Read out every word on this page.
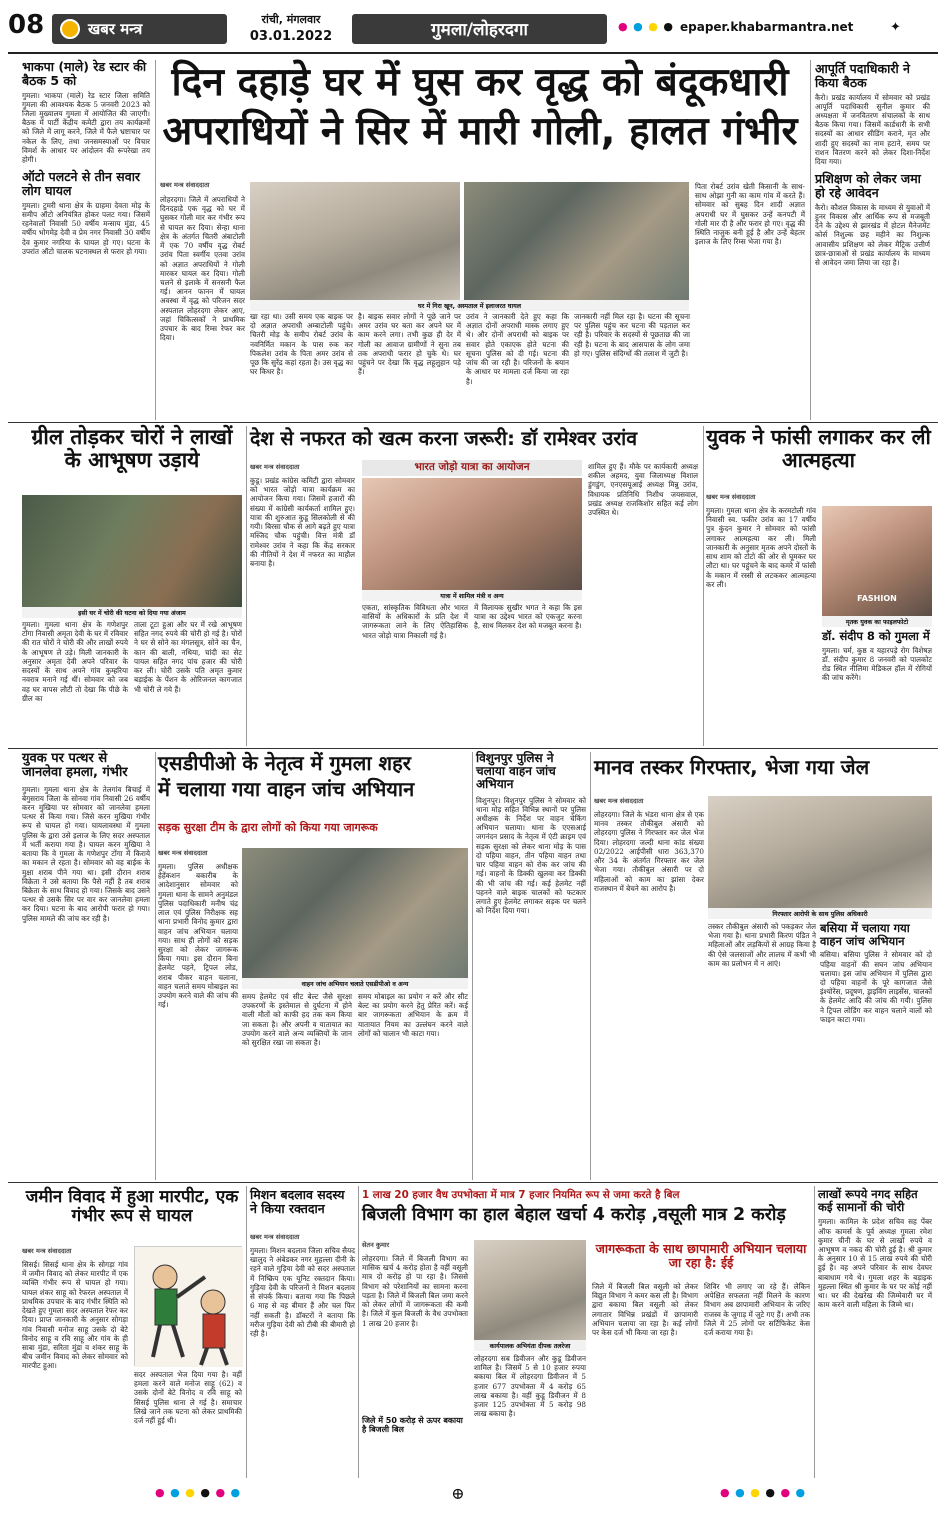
08	खबर मन्त्र
रांची, मंगलवार
03.01.2022	गुमला/लोहरदगा	● ● ● ● epaper.khabarmantra.net	✦
भाकपा (माले) रेड स्टार की बैठक 5 को
गुमला। भाकपा (माले) रेड स्टार जिला समिति गुमला की आवश्यक बैठक 5 जनवरी 2023 को जिला मुख्यालय गुमला में आयोजित की जाएगी। बैठक में पार्टी केंद्रीय कमेटी द्वारा तय कार्यक्रमों को जिले में लागू करने, जिले में फैले भ्रष्टाचार पर नकेल के लिए, तथा जनसमस्याओं पर विचार विमर्श के आधार पर आंदोलन की रूपरेखा तय होगी।
ऑटो पलटने से तीन सवार लोग घायल
गुमला। टुमरी थाना क्षेत्र के ग्राहमा देवता मोड़ के समीप ऑटो अनियंत्रित होकर पलट गया। जिसमें रहनेवालों निवासी 50 वर्षीय मन्साय मुंडा, 45 वर्षीय भोगमेड़ देवी व प्रेम नगर निवासी 30 वर्षीय देव कुमार नगरिया के घायल हो गए। घटना के उपरांत ऑटो चालक घटनास्थल से फरार हो गया।
दिन दहाड़े घर में घुस कर वृद्ध को बंदूकधारी
अपराधियों ने सिर में मारी गोली, हालत गंभीर
खबर मन्त्र संवाददाता
लोहरदगा। जिले में अपराधियों ने दिनदहाड़े एक वृद्ध को घर में घुसकर गोली मार कर गंभीर रूप से घायल कर दिया। सेन्हा थाना क्षेत्र के अंतर्गत चितरी अंबाटोली में एक 70 वर्षीय वृद्ध रोबर्ट उरांव पिता स्वर्गीय एतवा उरांव को अज्ञात अपराधियों ने गोली मारकर घायल कर दिया। गोली चलने से इलाके में सनसनी फैल गई। आनन फानन में घायल अवस्था में वृद्ध को परिजन सदर अस्पताल लोहरदगा लेकर आए, जहां चिकित्सकों ने प्राथमिक उपचार के बाद रिम्स रेफर कर दिया।
घर में गिरा खून, अस्पताल में इलाजरत घायल
खा रहा था। उसी समय एक बाइक पर दो अज्ञात अपराधी अम्बाटोली पहुंचे। चितरी मोड़ के समीप रोबर्ट उरांव के नवनिर्मित मकान के पास रुक कर पिकलेश उरांव के पिता अमर उरांव से पूछ कि सुरेंद्र कहां रहता है। उस वृद्ध का घर किधर है।
है। बाइक सवार लोगों ने पूछे जाने पर अमर उरांव घर बता कर अपने घर में काम करने लगा। तभी कुछ ही देर में गोली का आवाज ग्रामीणों ने सुना तब तक अपराधी फरार हो चुके थे। घर पहुंचने पर देखा कि वृद्ध लहूलुहान पड़े हैं।
उरांव ने जानकारी देते हुए कहा कि अज्ञात दोनों अपराधी मास्क लगाए हुए थे। और दोनों अपराधी को बाइक पर सवार होते एकाएक होते घटना की सूचना पुलिस को दी गई। घटना की जांच की जा रही है। परिजनों के बयान के आधार पर मामला दर्ज किया जा रहा है।
जानकारी नहीं मिल रहा है। घटना की सूचना पर पुलिस पहुंच कर घटना की पड़ताल कर रही है। परिवार के सदस्यों से पूछताछ की जा रही है। घटना के बाद आसपास के लोग जमा हो गए। पुलिस संदिग्धों की तलाश में जुटी है।
पिता रोबर्ट उरांव खेती किसानी के साथ-साथ ओझा गुनी का काम गांव में करते हैं। सोमवार को सुबह दिन शादी अज्ञात अपराधी घर में घुसकर उन्हें कनपटी में गोली मार दी है और फरार हो गए। वृद्ध की स्थिति नाजुक बनी हुई है और उन्हें बेहतर इलाज के लिए रिम्स भेजा गया है।
आपूर्ति पदाधिकारी ने किया बैठक
कैरो। प्रखंड कार्यालय में सोमवार को प्रखंड आपूर्ति पदाधिकारी सुनील कुमार की अध्यक्षता में जनवितरण संचालकों के साथ बैठक किया गया। जिसमें कार्डधारी के सभी सदस्यों का आधार सीडिंग कराने, मृत और शादी हुए सदस्यों का नाम हटाने, समय पर राशन वितरण करने को लेकर दिशा-निर्देश दिया गया।
प्रशिक्षण को लेकर जमा हो रहे आवेदन
कैरो। कौशल विकास के माध्यम से युवाओं में हुनर विकास और आर्थिक रूप से मजबूती देने के उद्देश्य से झारखंड में होटल मैनेजमेंट कोर्स निशुल्क छह महीने का निशुल्क आवासीय प्रशिक्षण को लेकर मैट्रिक उत्तीर्ण छात्र-छात्राओं से प्रखंड कार्यालय के माध्यम से आवेदन जमा लिया जा रहा है।
ग्रील तोड़कर चोरों ने लाखों के आभूषण उड़ाये
इसी घर में चोरी की घटना को दिया गया अंजाम
गुमला। गुमला थाना क्षेत्र के गणेशपुर टोंगा निवासी अमृता देवी के घर में रविवार की रात चोरों ने चोरी की और लाखों रुपये के आभूषण ले उड़े। मिली जानकारी के अनुसार अमृता देवी अपने परिवार के सदस्यों के साथ अपने गांव कुम्हरिया नवरात्र मनाने गई थीं। सोमवार को जब वह घर वापस लौटी तो देखा कि पीछे के ग्रील का
ताला टूटा हुआ और घर में रखे आभूषण सहित नगद रुपये की चोरी हो गई है। चोरों ने घर से सोने का मंगलसूत्र, सोने का चैन, कान की बाली, नथिया, चांदी का सेट पायल सहित नगद पांच हजार की चोरी कर ली। चोरी उसके पति अमृत कुमार बड़ाईक के पेंशन के ओरिजनल कागजात भी चोरी ले गये हैं।
देश से नफरत को खत्म करना जरूरी: डॉ रामेश्वर उरांव
खबर मन्त्र संवाददाता
कुडू। प्रखंड कांग्रेस कमिटी द्वारा सोमवार को भारत जोड़ो यात्रा कार्यक्रम का आयोजन किया गया। जिसमें हजारों की संख्या में कांग्रेसी कार्यकर्ता शामिल हुए। यात्रा की शुरुआत कुडू सिलकोली से की गयी। बिरसा चौक से आगे बढ़ते हुए यात्रा मस्जिद चौक पहुंची। वित्त मंत्री डॉ रामेश्वर उरांव ने कहा कि केंद्र सरकार की नीतियों ने देश में नफरत का माहौल बनाया है।
भारत जोड़ो यात्रा का आयोजन
यात्रा में शामिल मंत्री व अन्य
एकता, सांस्कृतिक विविधता और भारत वासियों के अधिकारों के प्रति देश में जागरूकता लाने के लिए ऐतिहासिक भारत जोड़ो यात्रा निकाली गई है।
में विलायक सुखीर भगत ने कहा कि इस यात्रा का उद्देश्य भारत को एकजुट करना है, साथ मिलकर देश को मजबूत करना है।
शामिल हुए हैं। मौके पर कार्यकारी अध्यक्ष शकील अहमद, युवा जिलाध्यक्ष विशाल डुंगडुंग, एनएसयूआई अध्यक्ष मिन्नु उरांव, विधायक प्रतिनिधि निशीथ जयसवाल, प्रखंड अध्यक्ष राजकिशोर सहित कई लोग उपस्थित थे।
युवक ने फांसी लगाकर कर ली आत्महत्या
खबर मन्त्र संवाददाता
गुमला। गुमला थाना क्षेत्र के करमटोली गांव निवासी स्व. फकीर उरांव का 17 वर्षीय पुत्र कुंदन कुमार ने सोमवार को फांसी लगाकर आत्महत्या कर ली। मिली जानकारी के अनुसार मृतक अपने दोस्तों के साथ शाम को टोटो की ओर से घूमकर घर लौटा था। घर पहुंचने के बाद कमरे में फांसी के मकान में रस्सी से लटककर आत्महत्या कर ली।
FASHION
मृतक युवक का फाइलफोटो
डॉ. संदीप 8 को गुमला में
गुमला। चर्म, कुष्ठ व यहारपड़े रोग विशेषज्ञ डॉ. संदीप कुमार 8 जनवरी को पालकोट रोड स्थित नीलिमा मेडिकल हॉल में रोगियों की जांच करेंगे।
युवक पर पत्थर से जानलेवा हमला, गंभीर
गुमला। गुमला थाना क्षेत्र के तेलगांव बिचाई में बेगुसराय जिला के सोनवा गांव निवासी 26 वर्षीय करन मुखिया पर सोमवार को जानलेवा हमला पत्थर से किया गया। जिसे करन मुखिया गंभीर रूप से घायल हो गया। घायलावस्था में गुमला पुलिस के द्वारा उसे इलाज के लिए सदर अस्पताल में भर्ती कराया गया है। घायल करन मुखिया ने बताया कि वे गुमला के गणेशपुर टोंगा में किराये का मकान ले रहता है। सोमवार को वह बाईक के मुक्षा शराब पीने गया था। इसी दौरान शराब विक्रेता ने उसे बताया कि पैसे नहीं है तब शराब बिक्रेता के साथ विवाद हो गया। जिसके बाद उसने पत्थर से उसके सिर पर वार कर जानलेवा हमला कर दिया। घटना के बाद आरोपी फरार हो गया। पुलिस मामले की जांच कर रही है।
एसडीपीओ के नेतृत्व में गुमला शहर
में चलाया गया वाहन जांच अभियान
सड़क सुरक्षा टीम के द्वारा लोगों को किया गया जागरूक
खबर मन्त्र संवाददाता
गुमला। पुलिस अधीक्षक हेहेंकशन बकारीब के आदेशानुसार सोमवार को गुमला थाना के सामने अनुमंडल पुलिस पदाधिकारी मनीष चंद्र लाल एवं पुलिस निरीक्षक सह थाना प्रभारी विनोद कुमार द्वारा वाहन जांच अभियान चलाया गया। साथ ही लोगों को सड़क सुरक्षा को लेकर जागरूक किया गया। इस दौरान बिना हेलमेट पहने, ट्रिपल लोड, शराब पीकर वाहन चलाना, वाहन चलाते समय मोबाइल का उपयोग करने वाले की जांच की गई।
वाहन जांच अभियान चलाते एसडीपीओ व अन्य
समय हेलमेट एवं सीट बेल्ट जैसे सुरक्षा उपकरणों के इस्तेमाल से दुर्घटना में होने वाली मौतों को काफी हद तक कम किया जा सकता है। और अपनी व यातायात का उपयोग करने वाले अन्य व्यक्तियों के जान को सुरक्षित रखा जा सकता है।
समय मोबाइल का प्रयोग न करें और सीट बेल्ट का प्रयोग करने हेतु प्रेरित करें। कई बार जागरूकता अभियान के क्रम में यातायात नियम का उल्लंघन करने वाले लोगों को चालान भी काटा गया।
विशुनपुर पुलिस ने चलाया वाहन जांच अभियान
विशुनपुर। विशुनपुर पुलिस ने सोमवार को थाना मोड़ सहित विभिन्न स्थानों पर पुलिस अधीक्षक के निर्देश पर वाहन चेकिंग अभियान चलाया। थाना के एएसआई जगनंदन प्रसाद के नेतृत्व में एंटी क्राइम एवं सड़क सुरक्षा को लेकर थाना मोड़ के पास दो पहिया वाहन, तीन पहिया वाहन तथा चार पहिया वाहन को रोक कर जांच की गई। वाहनों के डिक्की खुलवा कर डिक्की की भी जांच की गई। कई हेलमेट नहीं पहनने वाले बाइक चालकों को फटकार लगाते हुए हेलमेट लगाकर सड़क पर चलने को निर्देश दिया गया।
मानव तस्कर गिरफ्तार, भेजा गया जेल
खबर मन्त्र संवाददाता
लोहरदगा। जिले के भंडरा थाना क्षेत्र से एक मानव तस्कर तौकीबुल अंसारी को लोहरदगा पुलिस ने गिरफ्तार कर जेल भेज दिया। लोहरदगा जल्दी थाना कांड संख्या 02/2022 आईपीसी धारा 363,370 और 34 के अंतर्गत गिरफ्तार कर जेल भेजा गया। तौकीबुल अंसारी पर दो महिलाओं को काम का झांसा देकर राजस्थान में बेचने का आरोप है।
गिरफ्तार आरोपी के साथ पुलिस अधिकारी
तस्कर तौकीबुल अंसारी को पकड़कर जेल भेजा गया है। थाना प्रभारी किरण पंडित ने महिलाओं और लड़कियों से आग्रह किया है की ऐसे जलसाजों और लालच में कभी भी काम का प्रलोभन में न आएं।
बसिया में चलाया गया वाहन जांच अभियान
बसिया। बसिया पुलिस ने सोमवार को दो पहिया वाहनों की सघन जांच अभियान चलाया। इस जांच अभियान में पुलिस द्वारा दो पहिया वाहनों के पूरे कागजात जैसे इंश्योरेंस, प्रदूषण, ड्राइविंग लाइसेंस, चालकों के हेलमेट आदि की जांच की गयी। पुलिस ने ट्रिपल लोडिंग कर वाहन चलाने वालों को फाइन काटा गया।
जमीन विवाद में हुआ मारपीट, एक गंभीर रूप से घायल
खबर मन्त्र संवाददाता
सिसई। सिसई थाना क्षेत्र के सोगड़ा गांव में जमीन विवाद को लेकर मारपीट में एक व्यक्ति गंभीर रूप से घायल हो गया। घायल शंकर साहू को रेफरल अस्पताल में प्राथमिक उपचार के बाद गंभीर स्थिति को देखते हुए गुमला सदर अस्पताल रेफर कर दिया। प्राप्त जानकारी के अनुसार सोगड़ा गांव निवासी मनोज साहू उसके दो बेटे विनोद साहू व रवि साहू और गांव के ही साबा मुंडा, सरिता मुंडा व शंकर साहू के बीच जमीन विवाद को लेकर सोमवार को मारपीट हुआ।
सदर अस्पताल भेज दिया गया है। वहीं हमला करने वाले मनोज साहू (62) व उसके दोनों बेटे विनोद व रवि साहू को सिसई पुलिस थाना ले गई है। समाचार लिखे जाने तक घटना को लेकर प्राथमिकी दर्ज नहीं हुई थी।
मिशन बदलाव सदस्य ने किया रक्तदान
खबर मन्त्र संवाददाता
गुमला। मिशन बदलाव जिला सचिव सैयद खालुद ने अंबेडकर नगर मुहल्ला दीनी के रहने वाले गुड़िया देवी को सदर अस्पताल में निष्क्रिय एक यूनिट रक्तदान किया। गुड़िया देवी के परिजनों ने मिशन बदलाव से संपर्क किया। बताया गया कि पिछले 6 माह से वह बीमार हैं और चल फिर नहीं सकती है। डॉक्टरों ने बताया कि मरीज गुड़िया देवी को टीबी की बीमारी हो रही है।
1 लाख 20 हजार वैध उपभोक्ता में मात्र 7 हजार नियमित रूप से जमा करते है बिल
बिजली विभाग का हाल बेहाल खर्चा 4 करोड़ ,वसूली मात्र 2 करोड़
सेतन कुमार
लोहरदगा। जिले में बिजली विभाग का मासिक खर्च 4 करोड़ होता है वहीं वसूली मात्र दो करोड़ हो पा रहा है। जिससे विभाग को परेशानियों का सामना करना पड़ता है। जिले में बिजली बिल जमा करने को लेकर लोगों में जागरूकता की कमी है। जिले में कुल बिजली के वैध उपभोक्ता 1 लाख 20 हजार है।
जिले में 50 करोड़ से ऊपर बकाया है बिजली बिल
कार्यपालक अभियंता दीपक तलरेजा
लोहरदगा सब डिवीजन और कुडू डिवीजन शामिल है। जिसमें 5 से 10 हजार रुपया बकाया बिल में लोहरदगा डिवीजन में 5 हजार 677 उपभोक्ता में 4 करोड़ 65 लाख बकाया है। वहीं कुडू डिवीजन में 8 हजार 125 उपभोक्ता में 5 करोड़ 98 लाख बकाया है।
जागरूकता के साथ छापामारी अभियान चलाया जा रहा है: ईई
जिले में बिजली बिल वसूली को लेकर विद्युत विभाग ने कमर कस ली है। विभाग द्वारा बकाया बिल वसूली को लेकर लगातार विभिन्न प्रखंडों में छापामारी अभियान चलाया जा रहा है। कई लोगों पर केस दर्ज भी किया जा रहा है।
शिविर भी लगाए जा रहे हैं। लेकिन अपेक्षित सफलता नहीं मिलने के कारण विभाग अब छापामारी अभियान के जरिए राजस्व के जुगाड़ में जुटे गए हैं। अभी तक जिले में 25 लोगों पर सर्टिफिकेट केस दर्ज कराया गया है।
लाखों रूपये नगद सहित कई सामानों की चोरी
गुमला। कामिल के प्रदेश सचिव सह पेंबर ऑफ कामर्स के पूर्व अध्यक्ष गुमला रमेश कुमार चीनी के घर से लाखों रुपये व आभूषण व नकद की चोरी हुई है। श्री कुमार के अनुसार 10 से 15 लाख रुपये की चोरी हुई है। वह अपने परिवार के साथ देवघर बाबाधाम गये थे। गुमला शहर के बड़ाइक मुहल्ला स्थित श्री कुमार के घर पर कोई नहीं था। घर की देखरेख की जिम्मेवारी घर में काम करने वाली महिला के जिम्मे था।
● ● ● ● ● ●	⊕	● ● ● ● ● ●
